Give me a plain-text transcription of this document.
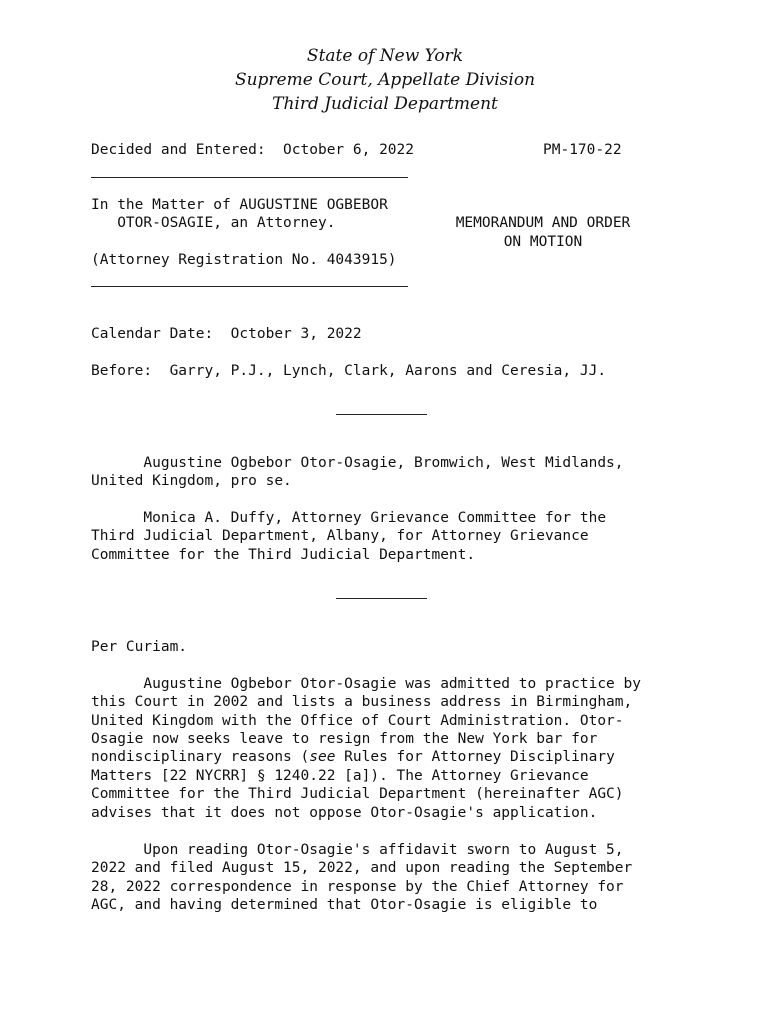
State of New York
Supreme Court, Appellate Division
Third Judicial Department
Decided and Entered:  October 6, 2022	PM-170-22
In the Matter of AUGUSTINE OGBEBOR
OTOR-OSAGIE, an Attorney.
(Attorney Registration No. 4043915)
MEMORANDUM AND ORDER
ON MOTION
Calendar Date:  October 3, 2022
Before:  Garry, P.J., Lynch, Clark, Aarons and Ceresia, JJ.
Augustine Ogbebor Otor-Osagie, Bromwich, West Midlands,
United Kingdom, pro se.
Monica A. Duffy, Attorney Grievance Committee for the
Third Judicial Department, Albany, for Attorney Grievance
Committee for the Third Judicial Department.
Per Curiam.
Augustine Ogbebor Otor-Osagie was admitted to practice by
this Court in 2002 and lists a business address in Birmingham,
United Kingdom with the Office of Court Administration. Otor-
Osagie now seeks leave to resign from the New York bar for
nondisciplinary reasons (see Rules for Attorney Disciplinary
Matters [22 NYCRR] § 1240.22 [a]). The Attorney Grievance
Committee for the Third Judicial Department (hereinafter AGC)
advises that it does not oppose Otor-Osagie's application.
Upon reading Otor-Osagie's affidavit sworn to August 5,
2022 and filed August 15, 2022, and upon reading the September
28, 2022 correspondence in response by the Chief Attorney for
AGC, and having determined that Otor-Osagie is eligible to
